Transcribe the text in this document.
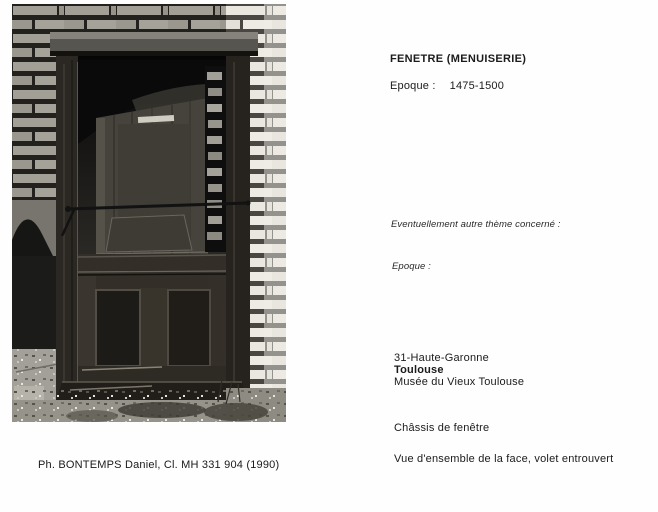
Ph. BONTEMPS Daniel, Cl. MH 331 904 (1990)
FENETRE (MENUISERIE)
Epoque : 1475-1500
Eventuellement autre thème concerné :
Epoque :
31-Haute-Garonne
Toulouse
Musée du Vieux Toulouse
Châssis de fenêtre
Vue d'ensemble de la face, volet entrouvert
